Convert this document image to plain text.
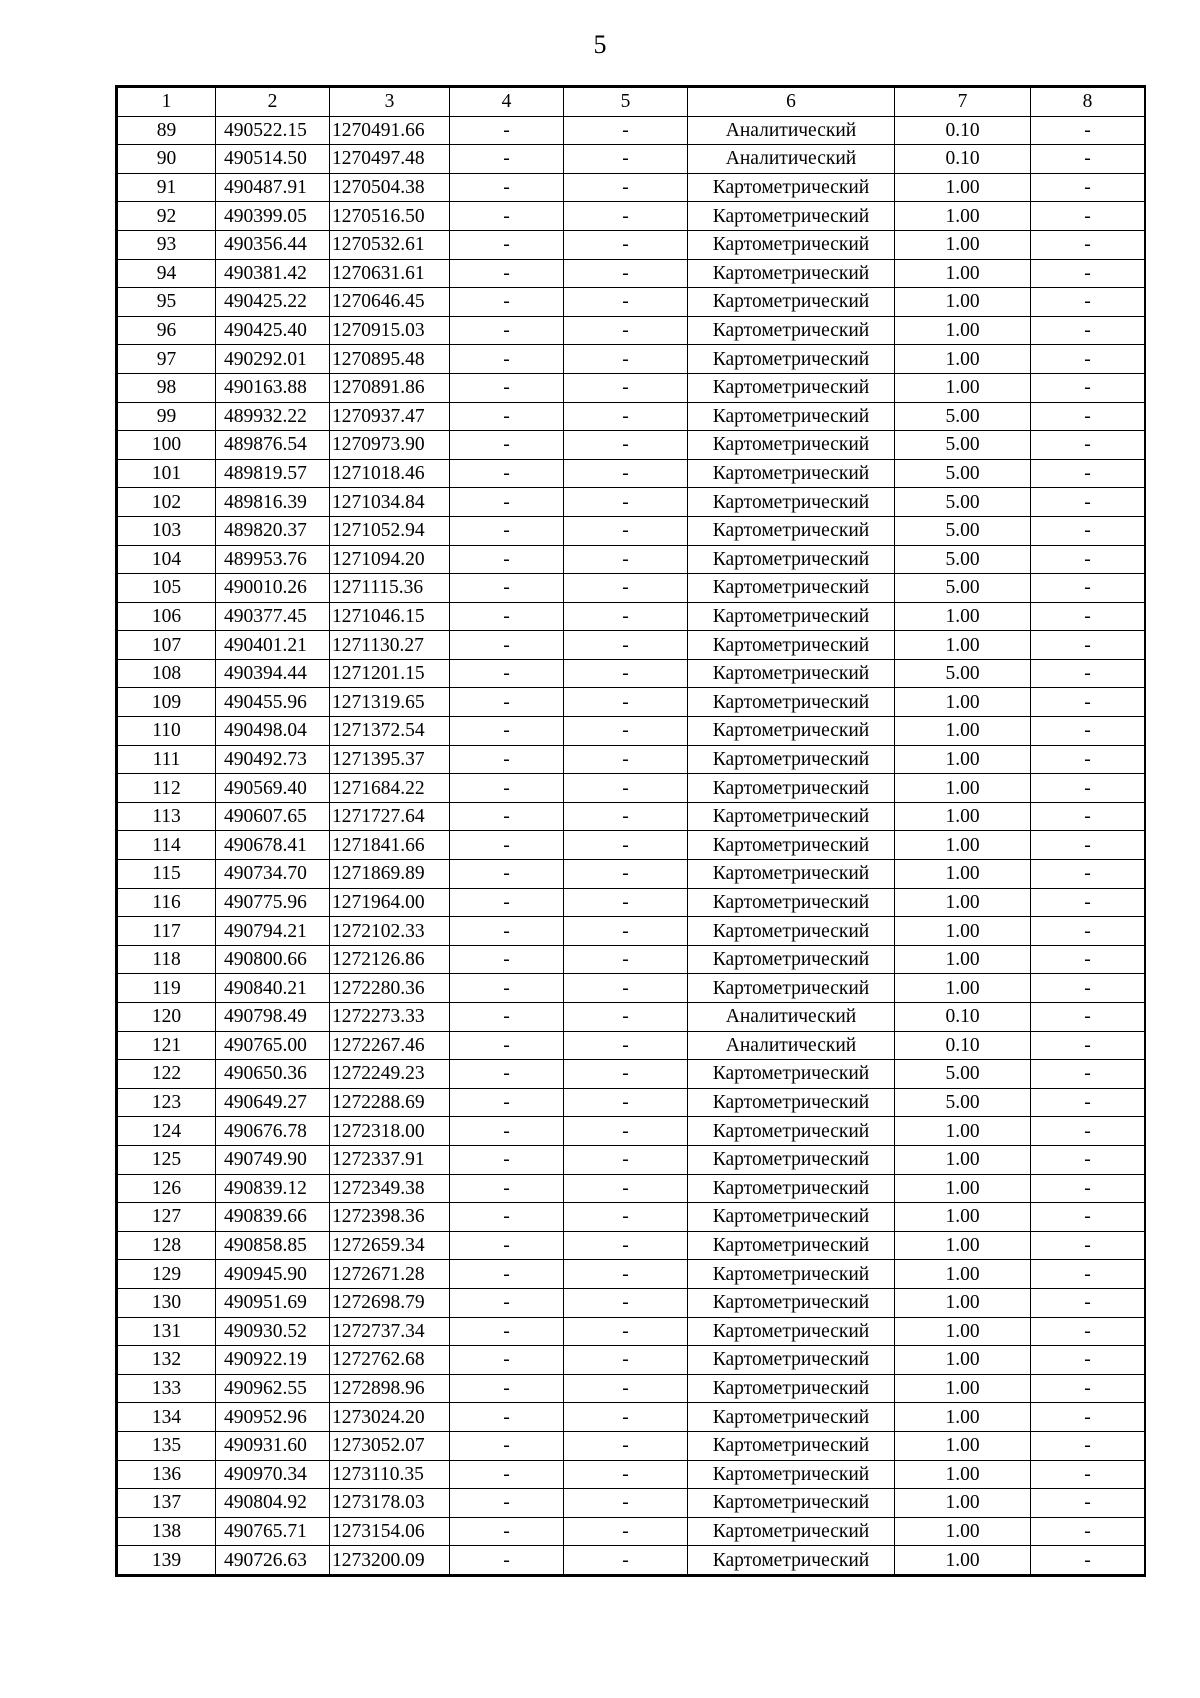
5
1	2	3	4	5	6	7	8
89	490522.15	1270491.66	-	-	Аналитический	0.10	-
90	490514.50	1270497.48	-	-	Аналитический	0.10	-
91	490487.91	1270504.38	-	-	Картометрический	1.00	-
92	490399.05	1270516.50	-	-	Картометрический	1.00	-
93	490356.44	1270532.61	-	-	Картометрический	1.00	-
94	490381.42	1270631.61	-	-	Картометрический	1.00	-
95	490425.22	1270646.45	-	-	Картометрический	1.00	-
96	490425.40	1270915.03	-	-	Картометрический	1.00	-
97	490292.01	1270895.48	-	-	Картометрический	1.00	-
98	490163.88	1270891.86	-	-	Картометрический	1.00	-
99	489932.22	1270937.47	-	-	Картометрический	5.00	-
100	489876.54	1270973.90	-	-	Картометрический	5.00	-
101	489819.57	1271018.46	-	-	Картометрический	5.00	-
102	489816.39	1271034.84	-	-	Картометрический	5.00	-
103	489820.37	1271052.94	-	-	Картометрический	5.00	-
104	489953.76	1271094.20	-	-	Картометрический	5.00	-
105	490010.26	1271115.36	-	-	Картометрический	5.00	-
106	490377.45	1271046.15	-	-	Картометрический	1.00	-
107	490401.21	1271130.27	-	-	Картометрический	1.00	-
108	490394.44	1271201.15	-	-	Картометрический	5.00	-
109	490455.96	1271319.65	-	-	Картометрический	1.00	-
110	490498.04	1271372.54	-	-	Картометрический	1.00	-
111	490492.73	1271395.37	-	-	Картометрический	1.00	-
112	490569.40	1271684.22	-	-	Картометрический	1.00	-
113	490607.65	1271727.64	-	-	Картометрический	1.00	-
114	490678.41	1271841.66	-	-	Картометрический	1.00	-
115	490734.70	1271869.89	-	-	Картометрический	1.00	-
116	490775.96	1271964.00	-	-	Картометрический	1.00	-
117	490794.21	1272102.33	-	-	Картометрический	1.00	-
118	490800.66	1272126.86	-	-	Картометрический	1.00	-
119	490840.21	1272280.36	-	-	Картометрический	1.00	-
120	490798.49	1272273.33	-	-	Аналитический	0.10	-
121	490765.00	1272267.46	-	-	Аналитический	0.10	-
122	490650.36	1272249.23	-	-	Картометрический	5.00	-
123	490649.27	1272288.69	-	-	Картометрический	5.00	-
124	490676.78	1272318.00	-	-	Картометрический	1.00	-
125	490749.90	1272337.91	-	-	Картометрический	1.00	-
126	490839.12	1272349.38	-	-	Картометрический	1.00	-
127	490839.66	1272398.36	-	-	Картометрический	1.00	-
128	490858.85	1272659.34	-	-	Картометрический	1.00	-
129	490945.90	1272671.28	-	-	Картометрический	1.00	-
130	490951.69	1272698.79	-	-	Картометрический	1.00	-
131	490930.52	1272737.34	-	-	Картометрический	1.00	-
132	490922.19	1272762.68	-	-	Картометрический	1.00	-
133	490962.55	1272898.96	-	-	Картометрический	1.00	-
134	490952.96	1273024.20	-	-	Картометрический	1.00	-
135	490931.60	1273052.07	-	-	Картометрический	1.00	-
136	490970.34	1273110.35	-	-	Картометрический	1.00	-
137	490804.92	1273178.03	-	-	Картометрический	1.00	-
138	490765.71	1273154.06	-	-	Картометрический	1.00	-
139	490726.63	1273200.09	-	-	Картометрический	1.00	-
